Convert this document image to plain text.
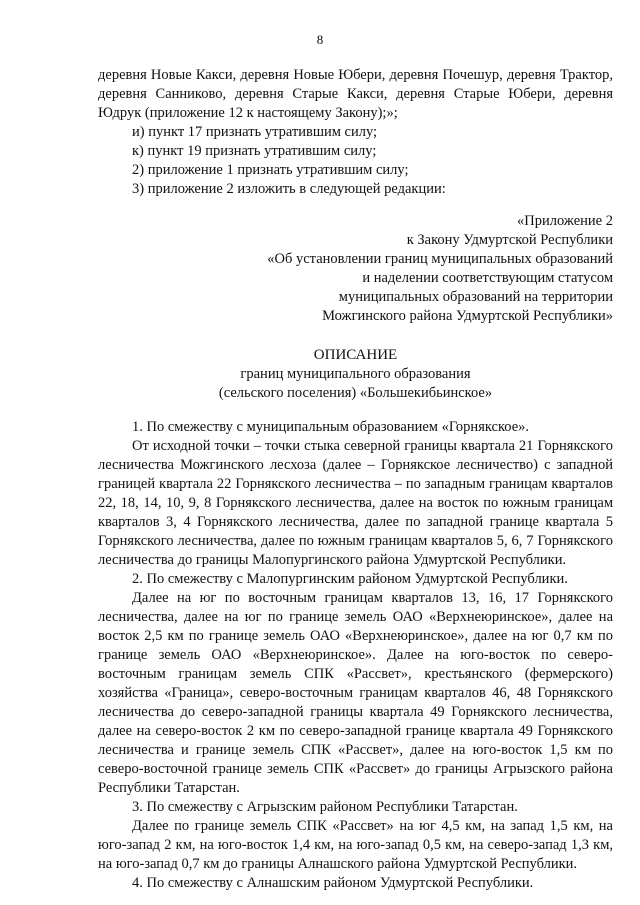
8

деревня Новые Какси, деревня Новые Юбери, деревня Почешур, деревня Трактор, деревня Санниково, деревня Старые Какси, деревня Старые Юбери, деревня Юдрук (приложение 12 к настоящему Закону);»;

и) пункт 17 признать утратившим силу;

к) пункт 19 признать утратившим силу;

2) приложение 1 признать утратившим силу;

3) приложение 2 изложить в следующей редакции:

«Приложение 2

к Закону Удмуртской Республики

«Об установлении границ муниципальных образований

и наделении соответствующим статусом

муниципальных образований на территории

Можгинского района Удмуртской Республики»

ОПИСАНИЕ

границ муниципального образования

(сельского поселения) «Большекибьинское»

1. По смежеству с муниципальным образованием «Горнякское».

От исходной точки – точки стыка северной границы квартала 21 Горнякского лесничества Можгинского лесхоза (далее – Горнякское лесничество) с западной границей квартала 22 Горнякского лесничества – по западным границам кварталов 22, 18, 14, 10, 9, 8 Горнякского лесничества, далее на восток по южным границам кварталов 3, 4 Горнякского лесничества, далее по западной границе квартала 5 Горнякского лесничества, далее по южным границам кварталов 5, 6, 7 Горнякского лесничества до границы Малопургинского района Удмуртской Республики.

2. По смежеству с Малопургинским районом Удмуртской Республики.

Далее на юг по восточным границам кварталов 13, 16, 17 Горнякского лесничества, далее на юг по границе земель ОАО «Верхнеюринское», далее на восток 2,5 км по границе земель ОАО «Верхнеюринское», далее на юг 0,7 км по границе земель ОАО «Верхнеюринское». Далее на юго-восток по северо-восточным границам земель СПК «Рассвет», крестьянского (фермерского) хозяйства «Граница», северо-восточным границам кварталов 46, 48 Горнякского лесничества до северо-западной границы квартала 49 Горнякского лесничества, далее на северо-восток 2 км по северо-западной границе квартала 49 Горнякского лесничества и границе земель СПК «Рассвет», далее на юго-восток 1,5 км по северо-восточной границе земель СПК «Рассвет» до границы Агрызского района Республики Татарстан.

3. По смежеству с Агрызским районом Республики Татарстан.

Далее по границе земель СПК «Рассвет» на юг 4,5 км, на запад 1,5 км, на юго-запад 2 км, на юго-восток 1,4 км, на юго-запад 0,5 км, на северо-запад 1,3 км, на юго-запад 0,7 км до границы Алнашского района Удмуртской Республики.

4. По смежеству с Алнашским районом Удмуртской Республики.
